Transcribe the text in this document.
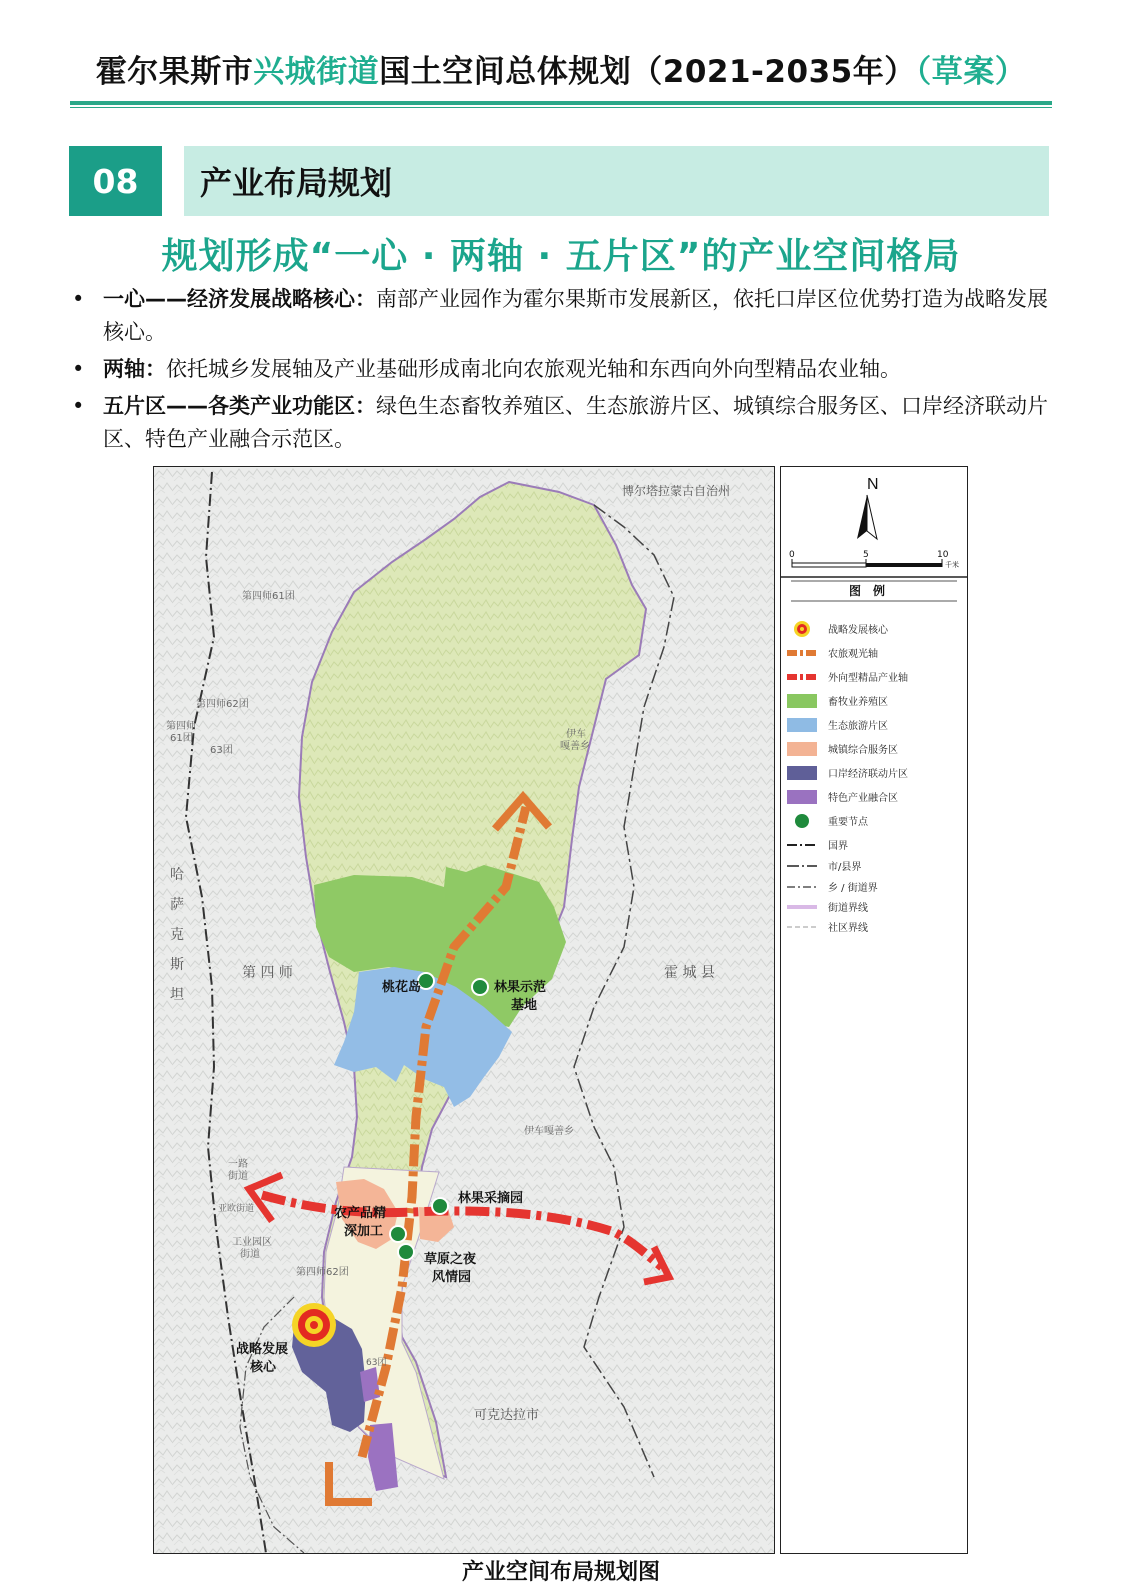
霍尔果斯市兴城街道国土空间总体规划（2021-2035年）（草案）
08	产业布局规划
规划形成“一心 · 两轴 · 五片区”的产业空间格局
• 一心——经济发展战略核心：南部产业园作为霍尔果斯市发展新区，依托口岸区位优势打造为战略发展核心。
• 两轴：依托城乡发展轴及产业基础形成南北向农旅观光轴和东西向外向型精品农业轴。
• 五片区——各类产业功能区：绿色生态畜牧养殖区、生态旅游片区、城镇综合服务区、口岸经济联动片区、特色产业融合示范区。
桃花岛	林果示范
基地
林果采摘园
农产品精
深加工
草原之夜
风情园
战略发展
核心
博尔塔拉蒙古自治州
第四师61团
第四师62团
第四师
61团
63团
伊车
嘎善乡
哈
萨
克
斯
坦
第 四 师	霍 城 县
伊车嘎善乡
可克达拉市
第四师62团
工业园区
街道
一路
街道
亚欧街道
63团
N
0	5	10
千米
图　例
战略发展核心
农旅观光轴
外向型精品产业轴
畜牧业养殖区
生态旅游片区
城镇综合服务区
口岸经济联动片区
特色产业融合区
重要节点
国界
市/县界
乡 / 街道界
街道界线
社区界线
产业空间布局规划图
